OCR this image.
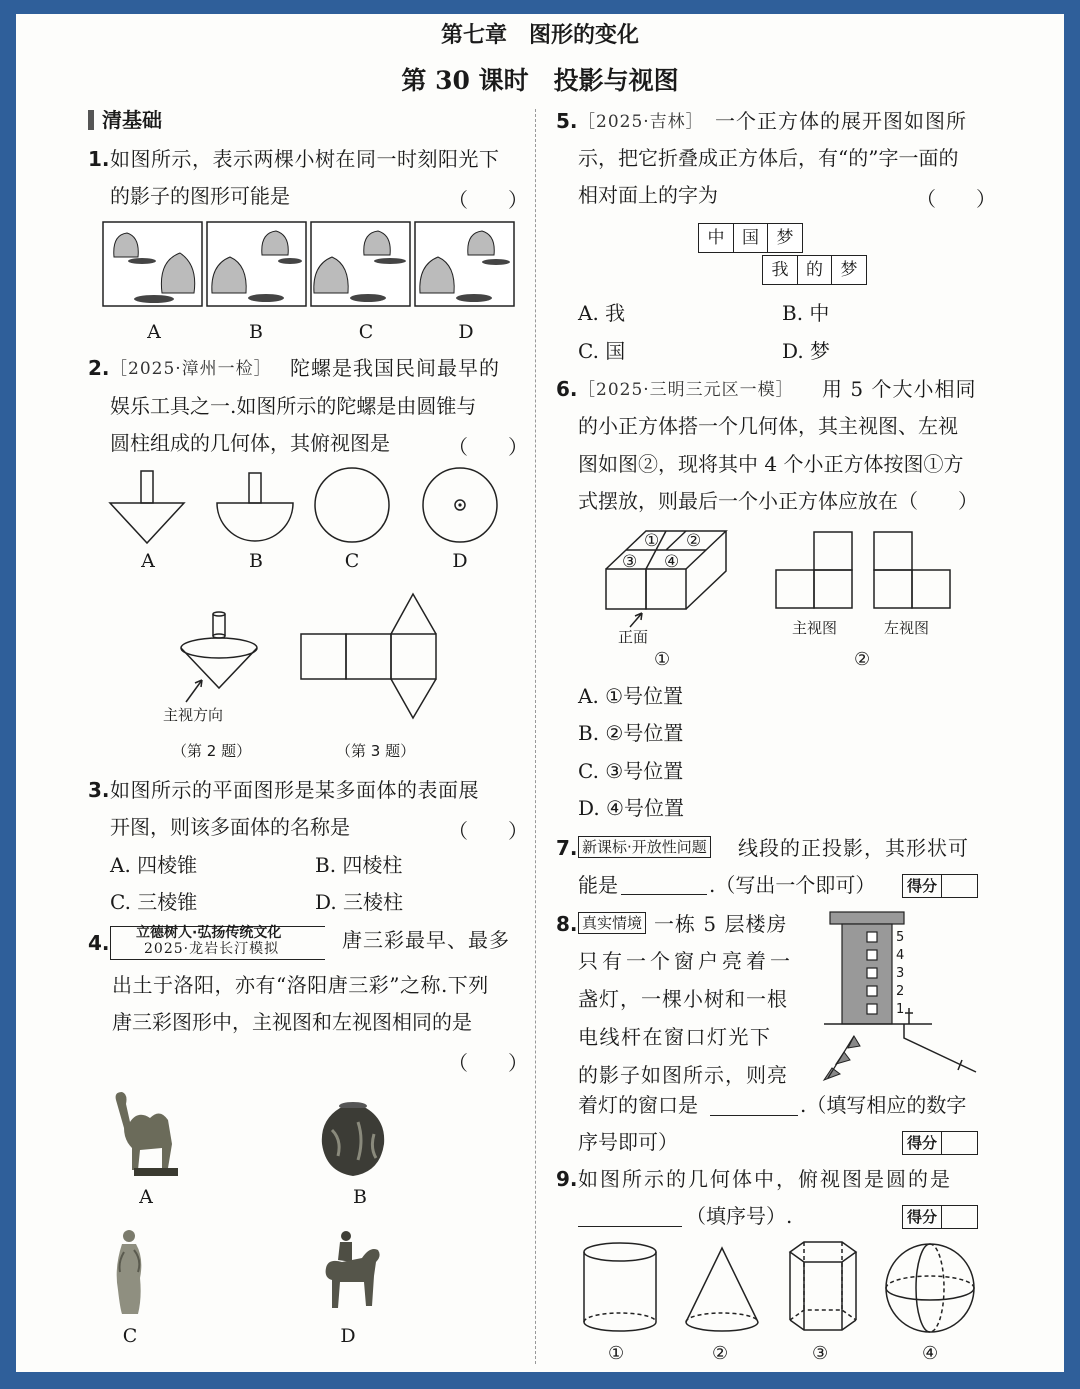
第七章　图形的变化
第 30 课时　投影与视图
清基础
1. 如图所示，表示两棵小树在同一时刻阳光下
的影子的图形可能是	（　　）
A	B	C	D
2. ［2025·漳州一检］ 陀螺是我国民间最早的
娱乐工具之一.如图所示的陀螺是由圆锥与
圆柱组成的几何体，其俯视图是	（　　）
A	B	C	D
主视方向
（第 2 题）	（第 3 题）
3. 如图所示的平面图形是某多面体的表面展
开图，则该多面体的名称是	（　　）
A. 四棱锥	B. 四棱柱
C. 三棱锥	D. 三棱柱
4. 立德树人·弘扬传统文化
2025·龙岩长汀模拟	唐三彩最早、最多
出土于洛阳，亦有“洛阳唐三彩”之称.下列
唐三彩图形中，主视图和左视图相同的是
（　　）
A	B
C	D
5. ［2025·吉林］ 一个正方体的展开图如图所
示，把它折叠成正方体后，有“的”字一面的
相对面上的字为	（　　）
中 国 梦
我 的 梦
A. 我	B. 中
C. 国	D. 梦
6. ［2025·三明三元区一模］ 用 5 个大小相同
的小正方体搭一个几何体，其主视图、左视
图如图②，现将其中 4 个小正方体按图①方
式摆放，则最后一个小正方体应放在（　　）
① ②
③ ④
正面
①
主视图	左视图
②
A. ①号位置
B. ②号位置
C. ③号位置
D. ④号位置
7. 新课标·开放性问题 线段的正投影，其形状可
能是	.（写出一个即可）	得分
8. 真实情境 一栋 5 层楼房
只有一个窗户亮着一
盏灯，一棵小树和一根
电线杆在窗口灯光下
的影子如图所示，则亮
着灯的窗口是	.（填写相应的数字
序号即可）	得分
5
4
3
2
1
9. 如图所示的几何体中，俯视图是圆的是
（填序号）.	得分
①	②	③	④
